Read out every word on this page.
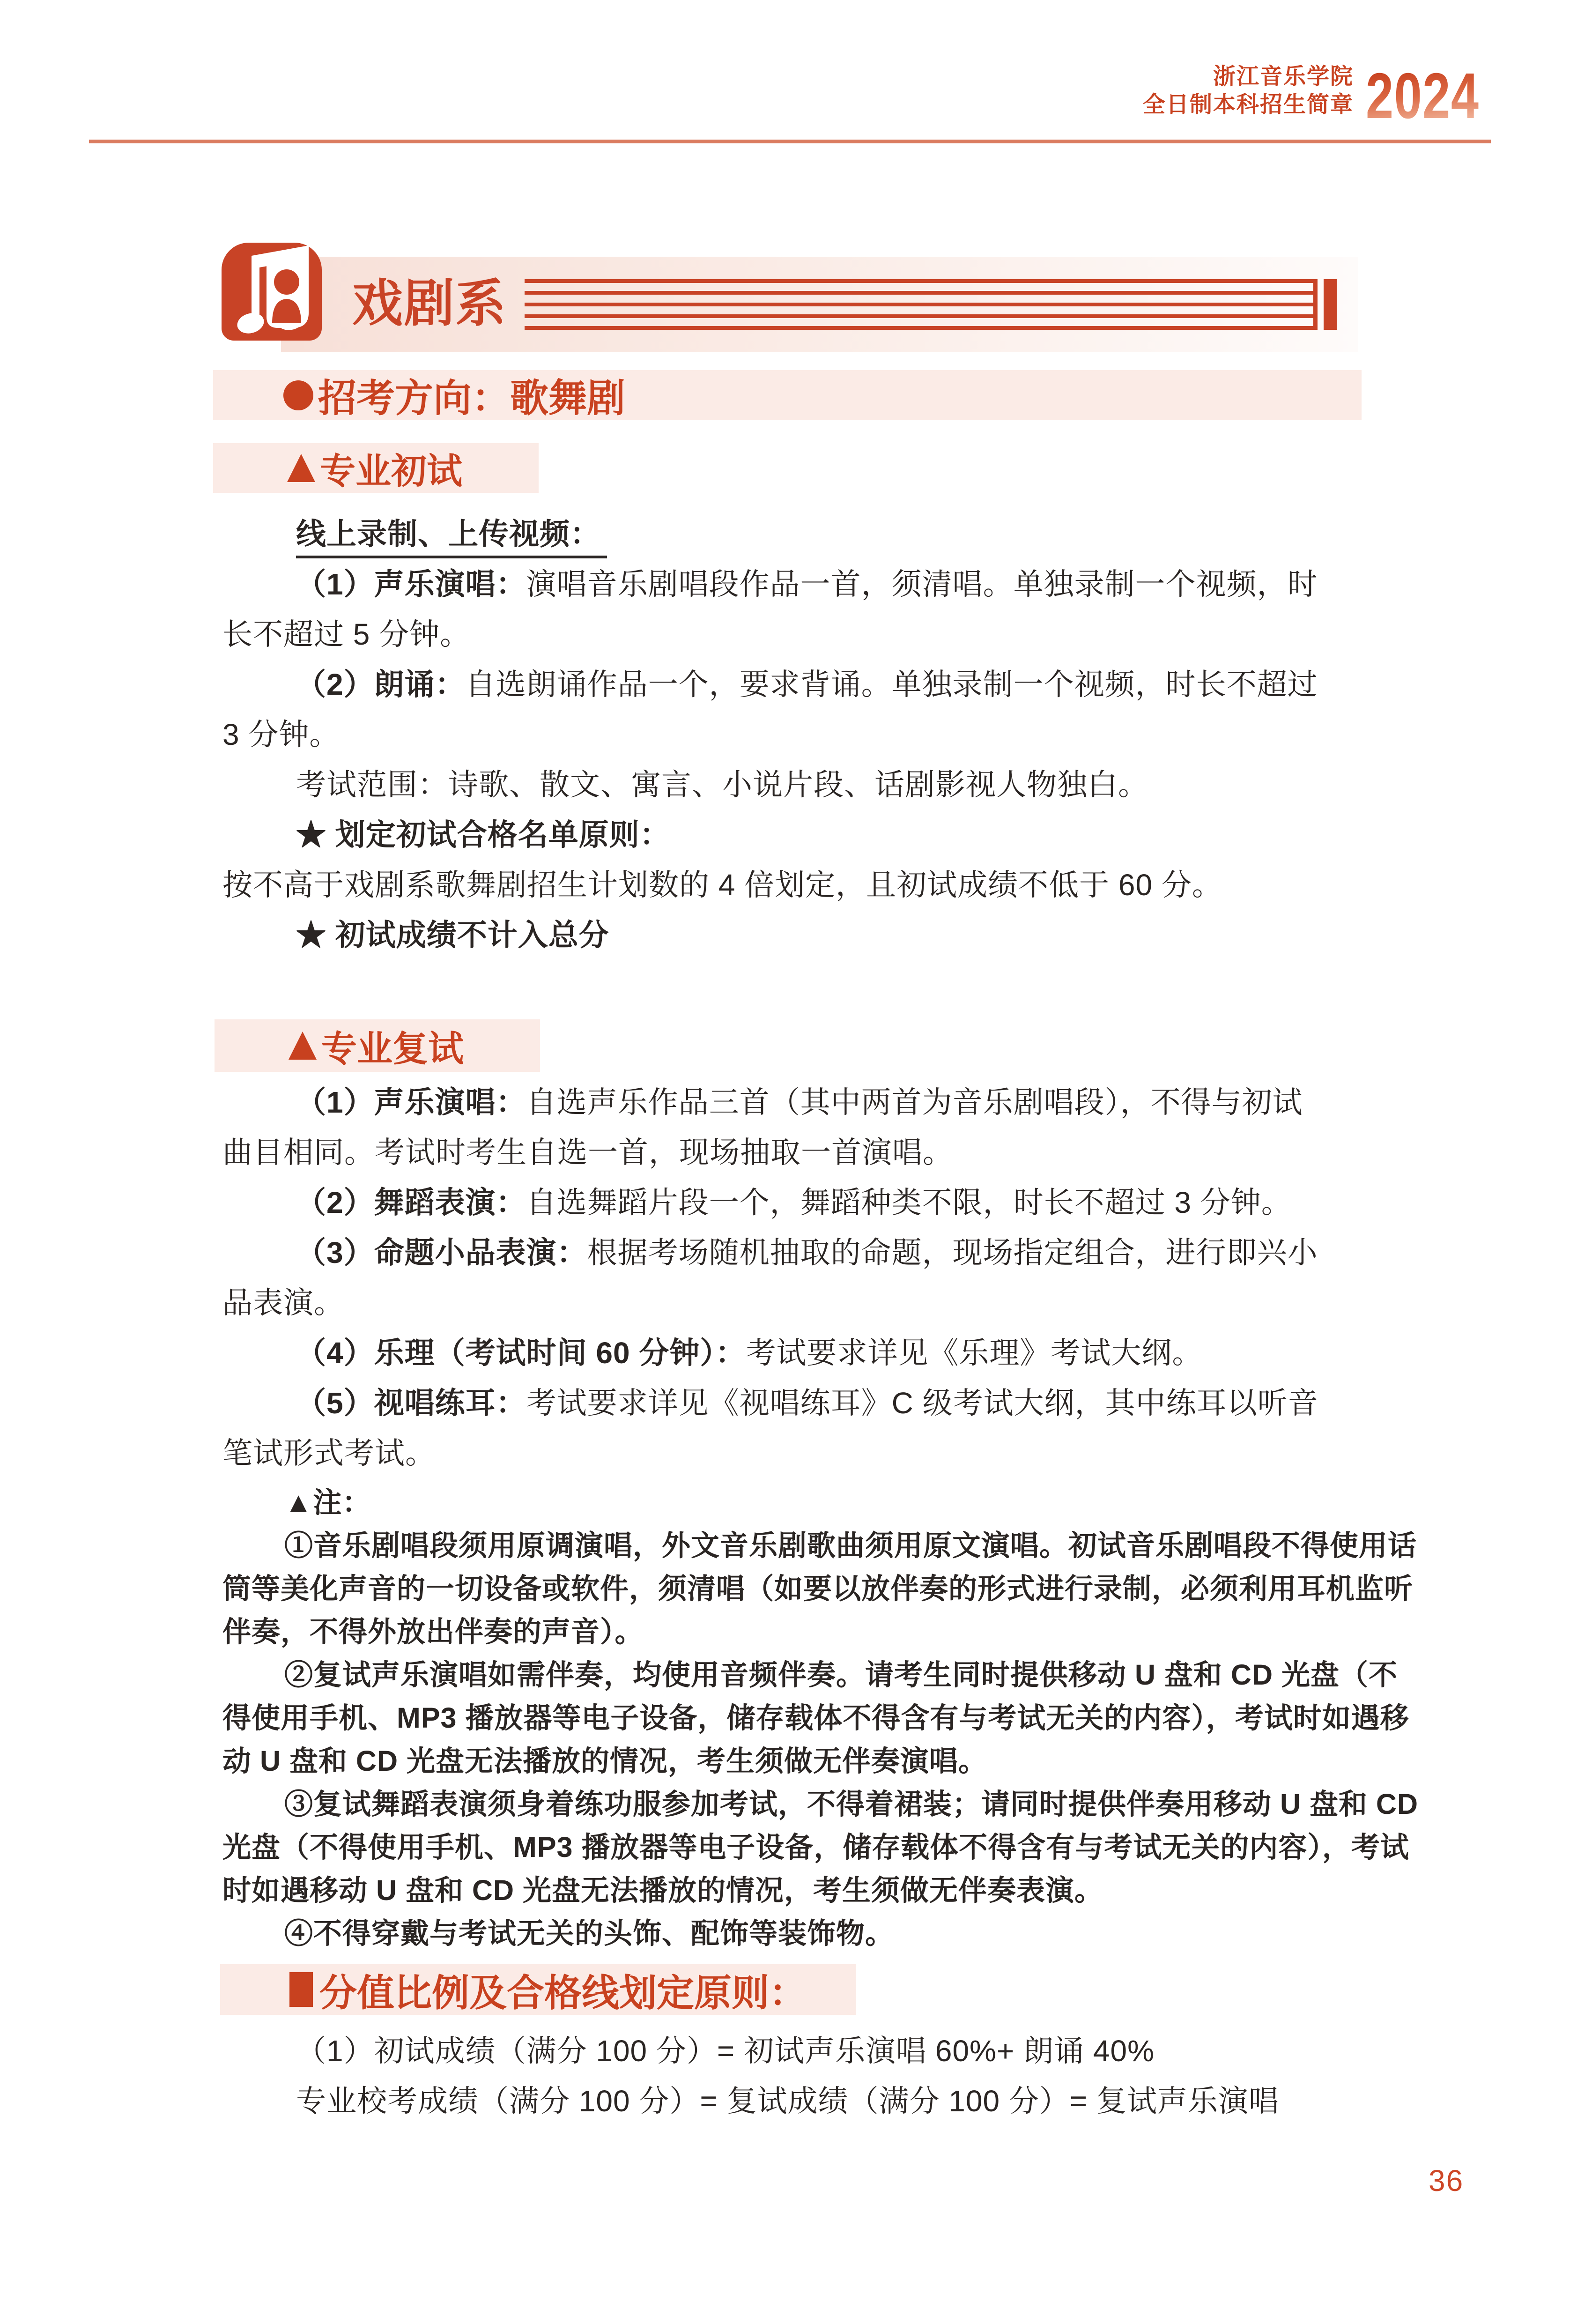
浙江音乐学院
全日制本科招生简章 2024
戏剧系
招考方向：歌舞剧
专业初试
线上录制、上传视频：
（1）声乐演唱：演唱音乐剧唱段作品一首，须清唱。单独录制一个视频，时
长不超过 5 分钟。
（2）朗诵：自选朗诵作品一个，要求背诵。单独录制一个视频，时长不超过
3 分钟。
考试范围：诗歌、散文、寓言、小说片段、话剧影视人物独白。
★ 划定初试合格名单原则：
按不高于戏剧系歌舞剧招生计划数的 4 倍划定，且初试成绩不低于 60 分。
★ 初试成绩不计入总分
专业复试
（1）声乐演唱：自选声乐作品三首（其中两首为音乐剧唱段），不得与初试
曲目相同。考试时考生自选一首，现场抽取一首演唱。
（2）舞蹈表演：自选舞蹈片段一个，舞蹈种类不限，时长不超过 3 分钟。
（3）命题小品表演：根据考场随机抽取的命题，现场指定组合，进行即兴小
品表演。
（4）乐理（考试时间 60 分钟）：考试要求详见《乐理》考试大纲。
（5）视唱练耳：考试要求详见《视唱练耳》C 级考试大纲，其中练耳以听音
笔试形式考试。
▲注：
①音乐剧唱段须用原调演唱，外文音乐剧歌曲须用原文演唱。初试音乐剧唱段不得使用话
筒等美化声音的一切设备或软件，须清唱（如要以放伴奏的形式进行录制，必须利用耳机监听
伴奏，不得外放出伴奏的声音）。
②复试声乐演唱如需伴奏，均使用音频伴奏。请考生同时提供移动 U 盘和 CD 光盘（不
得使用手机、MP3 播放器等电子设备，储存载体不得含有与考试无关的内容），考试时如遇移
动 U 盘和 CD 光盘无法播放的情况，考生须做无伴奏演唱。
③复试舞蹈表演须身着练功服参加考试，不得着裙装；请同时提供伴奏用移动 U 盘和 CD
光盘（不得使用手机、MP3 播放器等电子设备，储存载体不得含有与考试无关的内容），考试
时如遇移动 U 盘和 CD 光盘无法播放的情况，考生须做无伴奏表演。
④不得穿戴与考试无关的头饰、配饰等装饰物。
分值比例及合格线划定原则：
（1）初试成绩（满分 100 分）= 初试声乐演唱 60%+ 朗诵 40%
专业校考成绩（满分 100 分）= 复试成绩（满分 100 分）= 复试声乐演唱
36
